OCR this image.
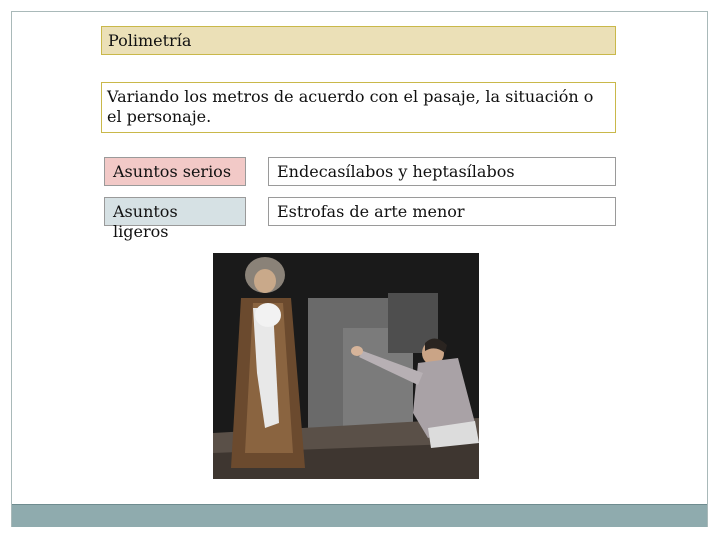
Polimetría
Variando los metros de acuerdo con el pasaje, la situación o el personaje.
Asuntos serios	Endecasílabos y heptasílabos
Asuntos ligeros
Estrofas de arte menor
